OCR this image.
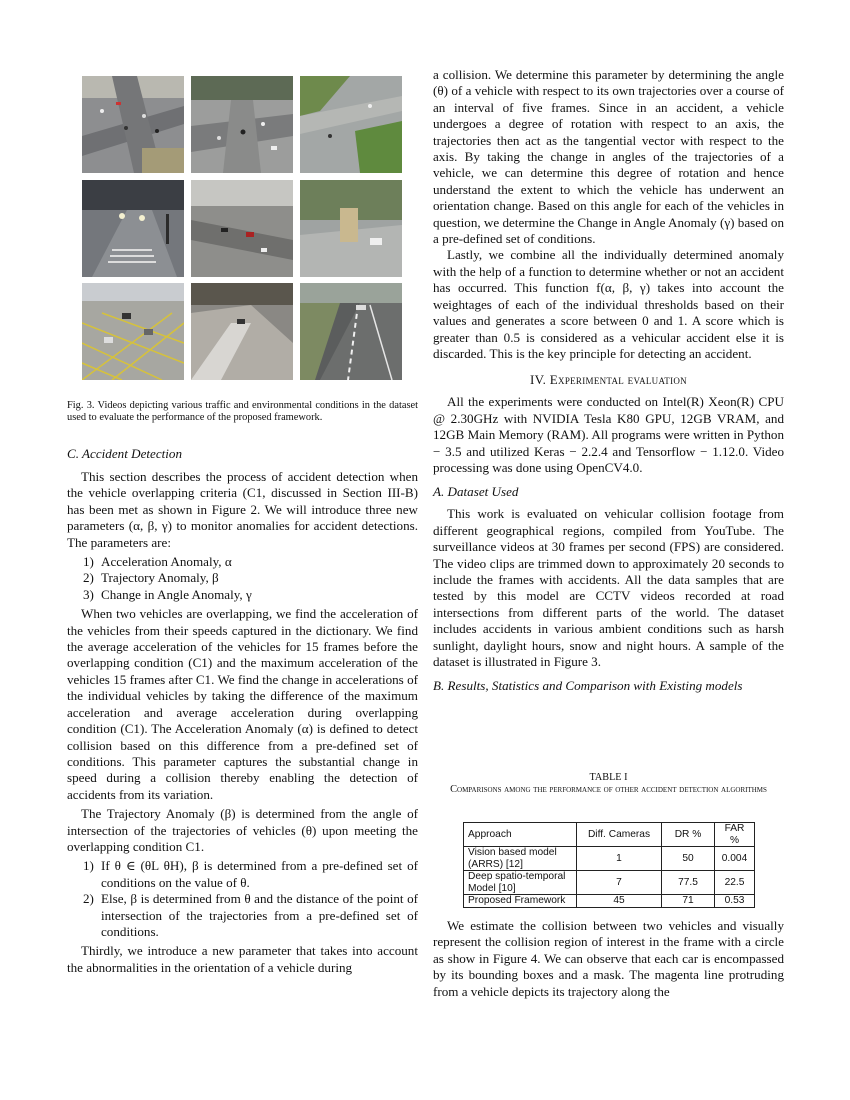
Fig. 3. Videos depicting various traffic and environmental conditions in the dataset used to evaluate the performance of the proposed framework.
C. Accident Detection

This section describes the process of accident detection when the vehicle overlapping criteria (C1, discussed in Section III-B) has been met as shown in Figure 2. We will introduce three new parameters (α, β, γ) to monitor anomalies for accident detections. The parameters are:

1) Acceleration Anomaly, α
2) Trajectory Anomaly, β
3) Change in Angle Anomaly, γ

When two vehicles are overlapping, we find the acceleration of the vehicles from their speeds captured in the dictionary. We find the average acceleration of the vehicles for 15 frames before the overlapping condition (C1) and the maximum acceleration of the vehicles 15 frames after C1. We find the change in accelerations of the individual vehicles by taking the difference of the maximum acceleration and average acceleration during overlapping condition (C1). The Acceleration Anomaly (α) is defined to detect collision based on this difference from a pre-defined set of conditions. This parameter captures the substantial change in speed during a collision thereby enabling the detection of accidents from its variation.

The Trajectory Anomaly (β) is determined from the angle of intersection of the trajectories of vehicles (θ) upon meeting the overlapping condition C1.

1) If θ ∈ (θL θH), β is determined from a pre-defined set of conditions on the value of θ.
2) Else, β is determined from θ and the distance of the point of intersection of the trajectories from a pre-defined set of conditions.

Thirdly, we introduce a new parameter that takes into account the abnormalities in the orientation of a vehicle during

a collision. We determine this parameter by determining the angle (θ) of a vehicle with respect to its own trajectories over a course of an interval of five frames. Since in an accident, a vehicle undergoes a degree of rotation with respect to an axis, the trajectories then act as the tangential vector with respect to the axis. By taking the change in angles of the trajectories of a vehicle, we can determine this degree of rotation and hence understand the extent to which the vehicle has underwent an orientation change. Based on this angle for each of the vehicles in question, we determine the Change in Angle Anomaly (γ) based on a pre-defined set of conditions.

Lastly, we combine all the individually determined anomaly with the help of a function to determine whether or not an accident has occurred. This function f(α, β, γ) takes into account the weightages of each of the individual thresholds based on their values and generates a score between 0 and 1. A score which is greater than 0.5 is considered as a vehicular accident else it is discarded. This is the key principle for detecting an accident.

IV. Experimental evaluation

All the experiments were conducted on Intel(R) Xeon(R) CPU @ 2.30GHz with NVIDIA Tesla K80 GPU, 12GB VRAM, and 12GB Main Memory (RAM). All programs were written in Python − 3.5 and utilized Keras − 2.2.4 and Tensorflow − 1.12.0. Video processing was done using OpenCV4.0.

A. Dataset Used

This work is evaluated on vehicular collision footage from different geographical regions, compiled from YouTube. The surveillance videos at 30 frames per second (FPS) are considered. The video clips are trimmed down to approximately 20 seconds to include the frames with accidents. All the data samples that are tested by this model are CCTV videos recorded at road intersections from different parts of the world. The dataset includes accidents in various ambient conditions such as harsh sunlight, daylight hours, snow and night hours. A sample of the dataset is illustrated in Figure 3.

B. Results, Statistics and Comparison with Existing models
TABLE I
Comparisons among the performance of other accident detection algorithms
Approach	Diff. Cameras	DR %	FAR %
Vision based model (ARRS) [12]	1	50	0.004
Deep spatio-temporal Model [10]	7	77.5	22.5
Proposed Framework	45	71	0.53

We estimate the collision between two vehicles and visually represent the collision region of interest in the frame with a circle as show in Figure 4. We can observe that each car is encompassed by its bounding boxes and a mask. The magenta line protruding from a vehicle depicts its trajectory along the
